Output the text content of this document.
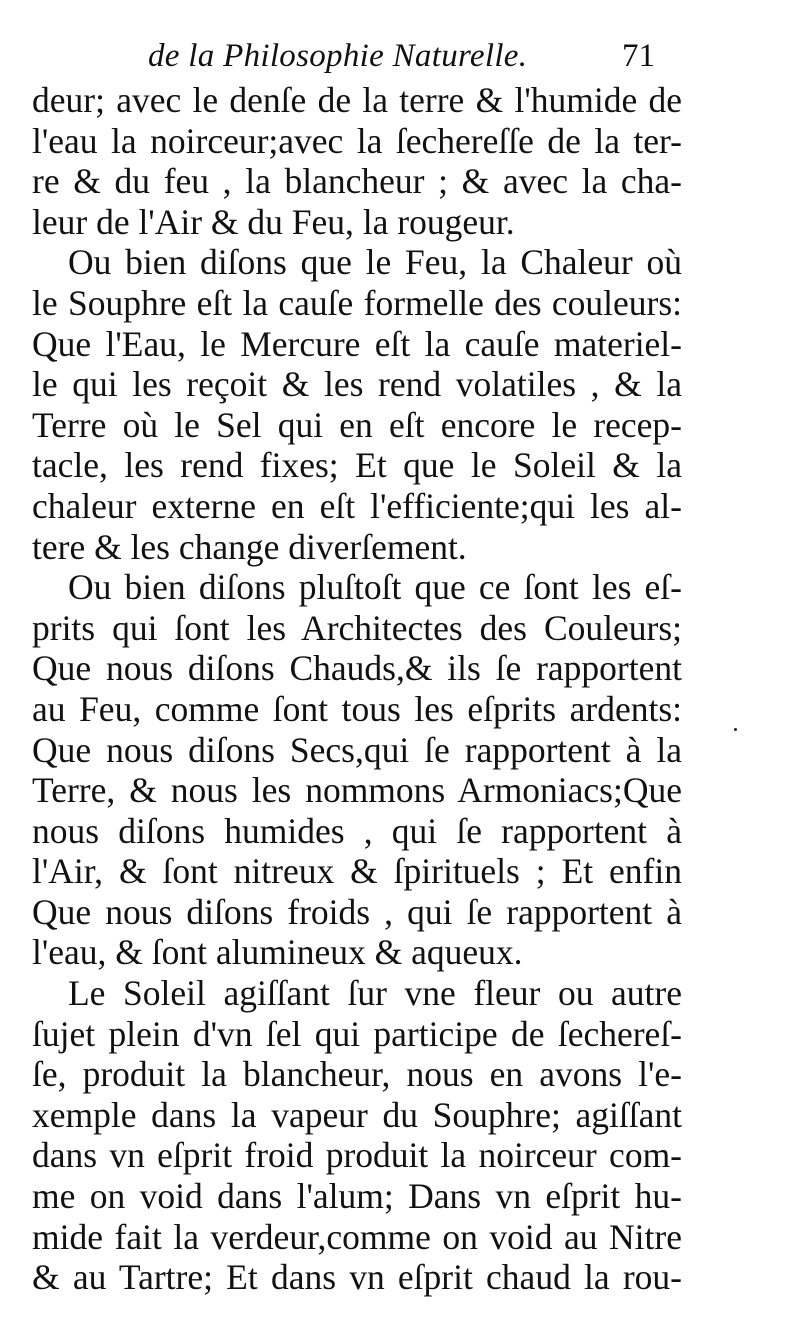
de la Philosophie Naturelle.	71
deur; avec le denſe de la terre & l'humide de
l'eau la noirceur;avec la ſechereſſe de la ter-
re & du feu , la blancheur ; & avec la cha-
leur de l'Air & du Feu, la rougeur.
Ou bien diſons que le Feu, la Chaleur où
le Souphre eſt la cauſe formelle des couleurs:
Que l'Eau, le Mercure eſt la cauſe materiel-
le qui les reçoit & les rend volatiles , & la
Terre où le Sel qui en eſt encore le recep-
tacle, les rend fixes; Et que le Soleil & la
chaleur externe en eſt l'efficiente;qui les al-
tere & les change diverſement.
Ou bien diſons pluſtoſt que ce ſont les eſ-
prits qui ſont les Architectes des Couleurs;
Que nous diſons Chauds,& ils ſe rapportent
au Feu, comme ſont tous les eſprits ardents:
Que nous diſons Secs,qui ſe rapportent à la
Terre, & nous les nommons Armoniacs;Que
nous diſons humides , qui ſe rapportent à
l'Air, & ſont nitreux & ſpirituels ; Et enfin
Que nous diſons froids , qui ſe rapportent à
l'eau, & ſont alumineux & aqueux.
Le Soleil agiſſant ſur vne fleur ou autre
ſujet plein d'vn ſel qui participe de ſechereſ-
ſe, produit la blancheur, nous en avons l'e-
xemple dans la vapeur du Souphre; agiſſant
dans vn eſprit froid produit la noirceur com-
me on void dans l'alum; Dans vn eſprit hu-
mide fait la verdeur,comme on void au Nitre
& au Tartre; Et dans vn eſprit chaud la rou-
